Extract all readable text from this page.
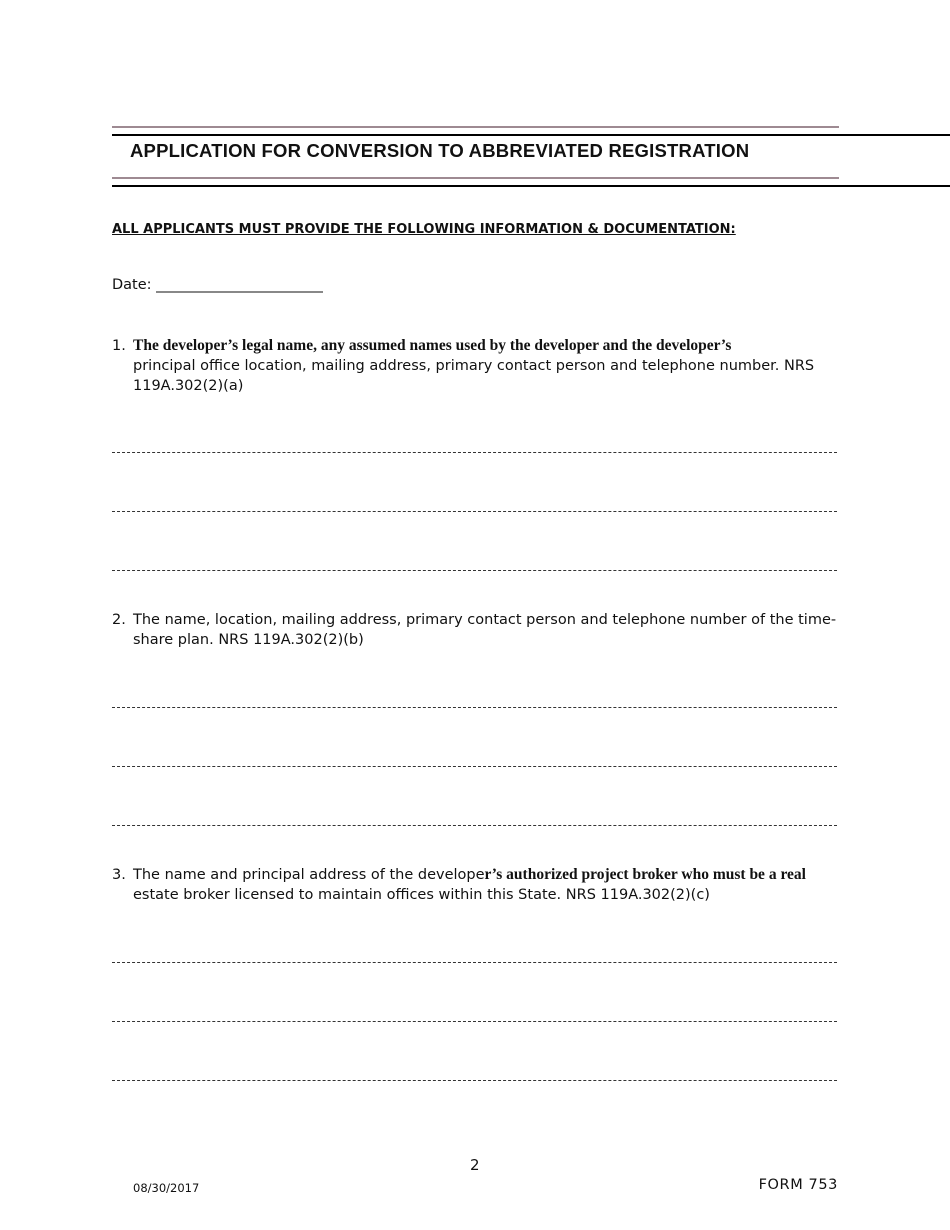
APPLICATION FOR CONVERSION TO ABBREVIATED REGISTRATION
ALL APPLICANTS MUST PROVIDE THE FOLLOWING INFORMATION & DOCUMENTATION:
Date: _______________________
1. The developer’s legal name, any assumed names used by the developer and the developer’s
principal office location, mailing address, primary contact person and telephone number. NRS 119A.302(2)(a)
2. The name, location, mailing address, primary contact person and telephone number of the time-share plan. NRS 119A.302(2)(b)
3. The name and principal address of the developer’s authorized project broker who must be a real
estate broker licensed to maintain offices within this State. NRS 119A.302(2)(c)
2
08/30/2017	FORM 753
